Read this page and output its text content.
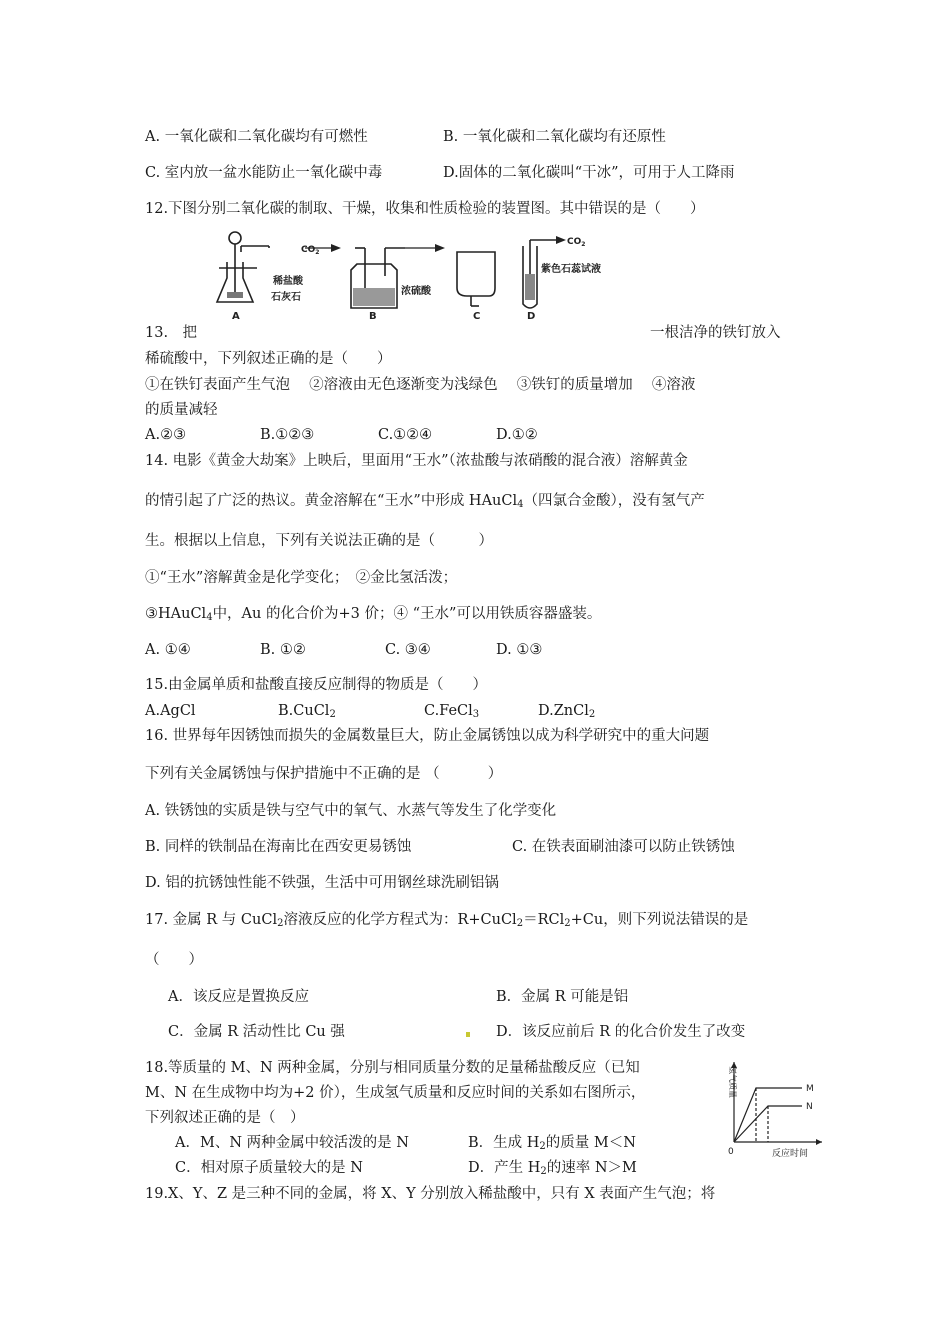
A. 一氧化碳和二氧化碳均有可燃性	B. 一氧化碳和二氧化碳均有还原性
C. 室内放一盆水能防止一氧化碳中毒	D.固体的二氧化碳叫“干冰”，可用于人工降雨
12.下图分别二氧化碳的制取、干燥，收集和性质检验的装置图。其中错误的是（　　）
$CO_2$
$CO_2$
稀盐酸
石灰石
浓硫酸
紫色石蕊试液
A	B	C	D
13.　把	一根洁净的铁钉放入
稀硫酸中，下列叙述正确的是（　　）
①在铁钉表面产生气泡　 ②溶液由无色逐渐变为浅绿色　 ③铁钉的质量增加　 ④溶液
的质量减轻
A.②③	B.①②③	C.①②④	D.①②
14. 电影《黄金大劫案》上映后，里面用“王水”（浓盐酸与浓硝酸的混合液）溶解黄金
的情引起了广泛的热议。黄金溶解在“王水”中形成 HAuCl$_4$（四氯合金酸），没有氢气产
生。根据以上信息，下列有关说法正确的是（　　　）
①“王水”溶解黄金是化学变化；　②金比氢活泼；
③HAuCl$_4$中，Au 的化合价为+3 价；④ “王水”可以用铁质容器盛装。
A. ①④	B. ①②	C. ③④	D. ①③
15.由金属单质和盐酸直接反应制得的物质是（　　）
A.AgCl	B.CuCl$_2$	C.FeCl$_3$	D.ZnCl$_2$
16. 世界每年因锈蚀而损失的金属数量巨大，防止金属锈蚀以成为科学研究中的重大问题
下列有关金属锈蚀与保护措施中不正确的是 （　　　 ）
A. 铁锈蚀的实质是铁与空气中的氧气、水蒸气等发生了化学变化
B. 同样的铁制品在海南比在西安更易锈蚀	C. 在铁表面刷油漆可以防止铁锈蚀
D. 铝的抗锈蚀性能不铁强，生活中可用钢丝球洗刷铝锅
17. 金属 R 与 CuCl$_2$溶液反应的化学方程式为：R+CuCl$_2$＝RCl$_2$+Cu，则下列说法错误的是
（　　）
A．该反应是置换反应	B．金属 R 可能是铝
C．金属 R 活动性比 Cu 强	D．该反应前后 R 的化合价发生了改变
18.等质量的 M、N 两种金属，分别与相同质量分数的足量稀盐酸反应（已知
M、N 在生成物中均为+2 价），生成氢气质量和反应时间的关系如右图所示，
下列叙述正确的是（　）
A．M、N 两种金属中较活泼的是 N	B．生成 $H_2$的质量 M＜N
C．相对原子质量较大的是 N	D．产生 $H_2$的速率 N＞M
M
N
0	反应时间
氢气质量
19.X、Y、Z 是三种不同的金属，将 X、Y 分别放入稀盐酸中，只有 X 表面产生气泡；将
